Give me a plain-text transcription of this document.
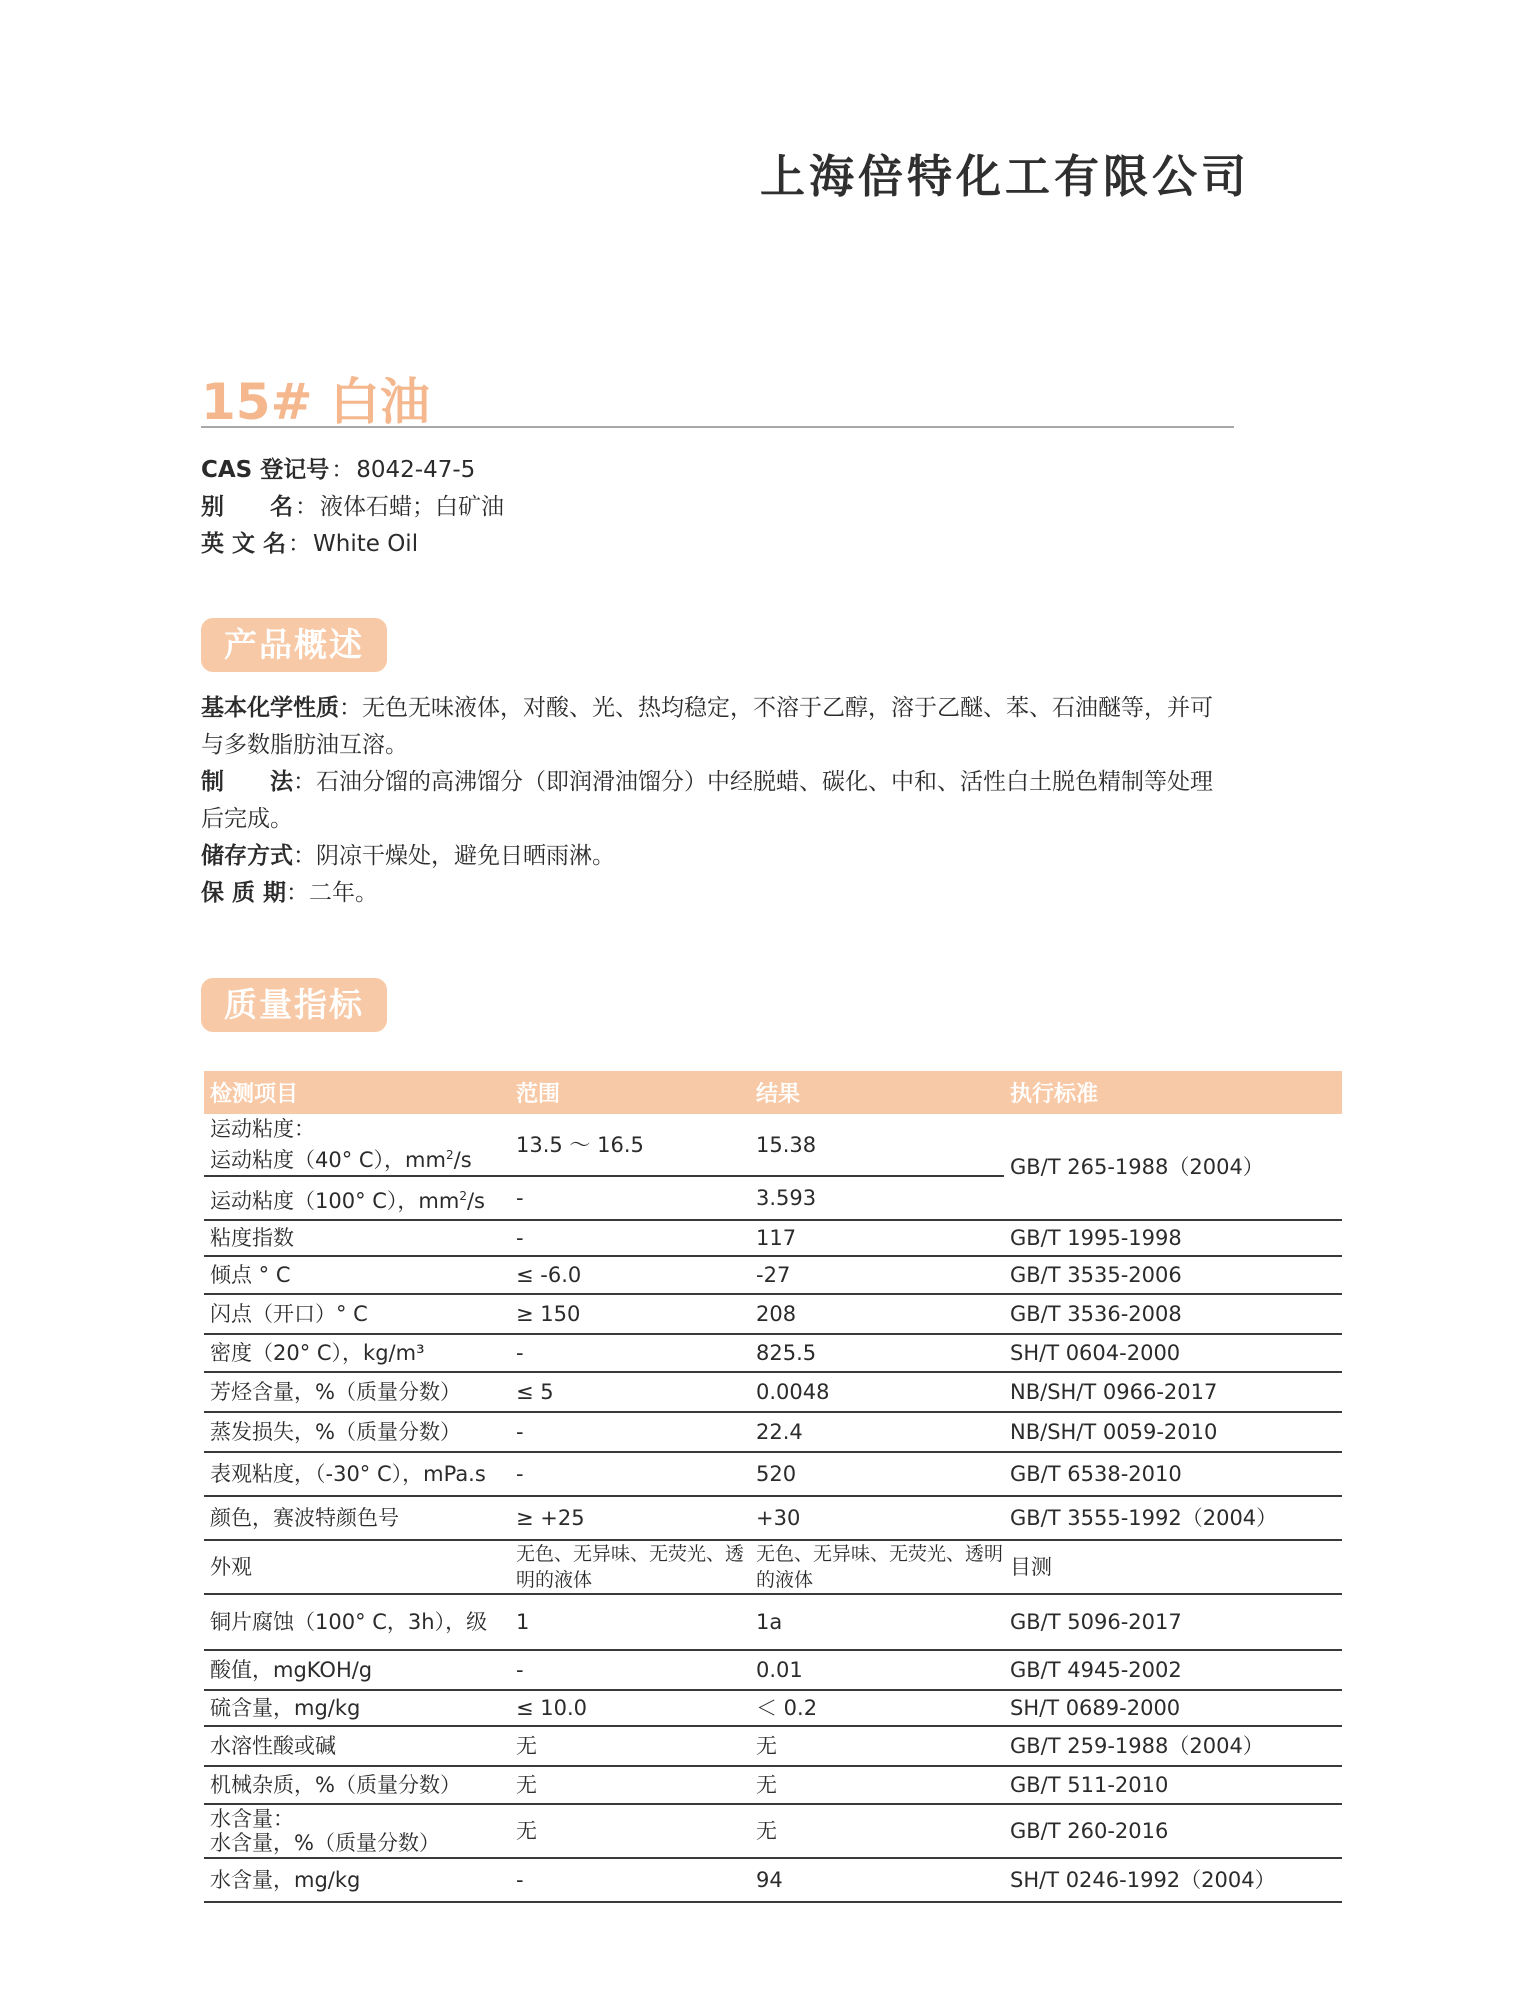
上海倍特化工有限公司
15# 白油
CAS 登记号：8042-47-5
别　　名：液体石蜡；白矿油
英 文 名：White Oil
产品概述
基本化学性质：无色无味液体，对酸、光、热均稳定，不溶于乙醇，溶于乙醚、苯、石油醚等，并可与多数脂肪油互溶。
制　　法：石油分馏的高沸馏分（即润滑油馏分）中经脱蜡、碳化、中和、活性白土脱色精制等处理后完成。
储存方式：阴凉干燥处，避免日晒雨淋。
保 质 期：二年。
质量指标
检测项目	范围	结果	执行标准

运动粘度：
运动粘度（40° C），$mm^2/s$	13.5 ～ 16.5	15.38	GB/T 265-1988（2004）
运动粘度（100° C），$mm^2/s$	-	3.593	
粘度指数	-	117	GB/T 1995-1998
倾点 ° C	≤ -6.0	-27	GB/T 3535-2006
闪点（开口）° C	≥ 150	208	GB/T 3536-2008
密度（20° C），kg/m³	-	825.5	SH/T 0604-2000
芳烃含量，%（质量分数）	≤ 5	0.0048	NB/SH/T 0966-2017
蒸发损失，%（质量分数）	-	22.4	NB/SH/T 0059-2010
表观粘度，（-30° C），mPa.s	-	520	GB/T 6538-2010
颜色，赛波特颜色号	≥ +25	+30	GB/T 3555-1992（2004）
外观	无色、无异味、无荧光、透明的液体	无色、无异味、无荧光、透明的液体	目测
铜片腐蚀（100° C，3h），级	1	1a	GB/T 5096-2017
酸值，mgKOH/g	-	0.01	GB/T 4945-2002
硫含量，mg/kg	≤ 10.0	＜ 0.2	SH/T 0689-2000
水溶性酸或碱	无	无	GB/T 259-1988（2004）
机械杂质，%（质量分数）	无	无	GB/T 511-2010
水含量：
水含量，%（质量分数）	无	无	GB/T 260-2016
水含量，mg/kg	-	94	SH/T 0246-1992（2004）
